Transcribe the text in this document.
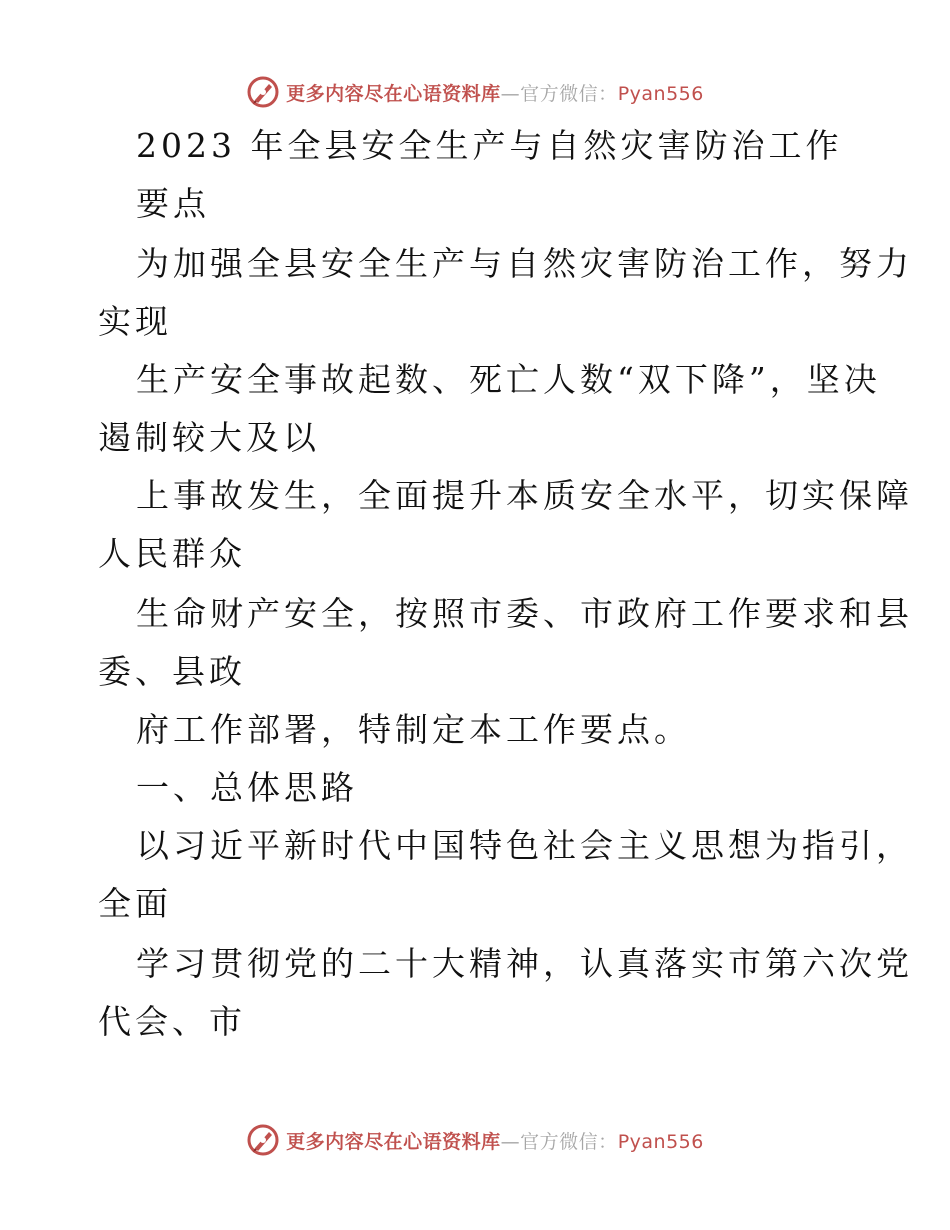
更多内容尽在心语资料库—官方微信：Pyan556
2023 年全县安全生产与自然灾害防治工作
要点
为加强全县安全生产与自然灾害防治工作，努力
实现
生产安全事故起数、死亡人数“双下降”，坚决
遏制较大及以
上事故发生，全面提升本质安全水平，切实保障
人民群众
生命财产安全，按照市委、市政府工作要求和县
委、县政
府工作部署，特制定本工作要点。
一、总体思路
以习近平新时代中国特色社会主义思想为指引，
全面
学习贯彻党的二十大精神，认真落实市第六次党
代会、市
更多内容尽在心语资料库—官方微信：Pyan556
